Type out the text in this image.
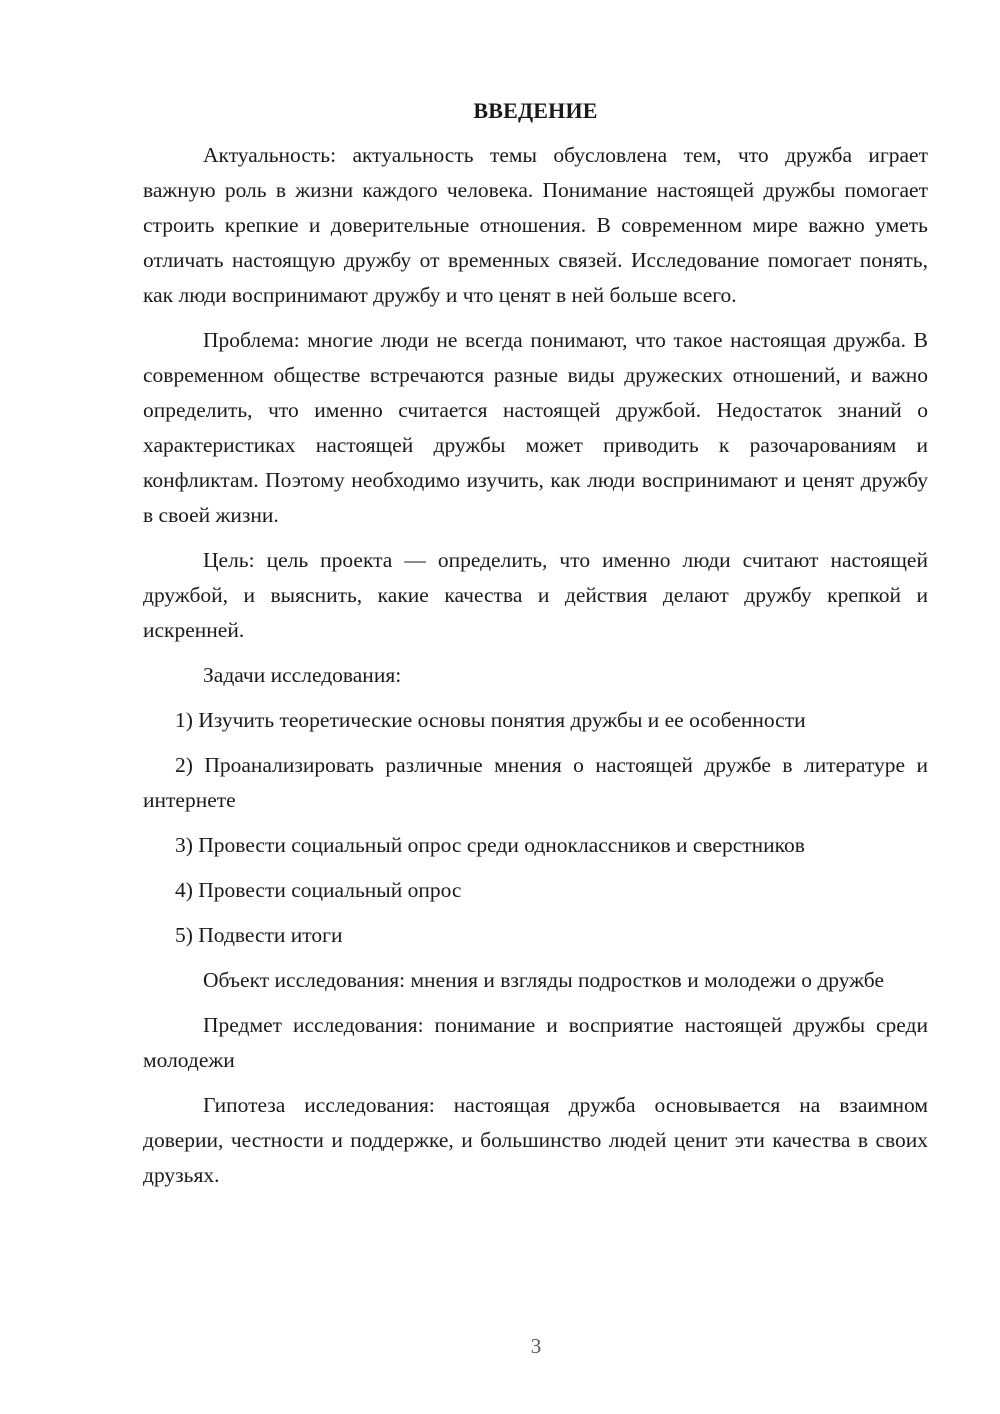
ВВЕДЕНИЕ

Актуальность: актуальность темы обусловлена тем, что дружба играет важную роль в жизни каждого человека. Понимание настоящей дружбы помогает строить крепкие и доверительные отношения. В современном мире важно уметь отличать настоящую дружбу от временных связей. Исследование помогает понять, как люди воспринимают дружбу и что ценят в ней больше всего.

Проблема: многие люди не всегда понимают, что такое настоящая дружба. В современном обществе встречаются разные виды дружеских отношений, и важно определить, что именно считается настоящей дружбой. Недостаток знаний о характеристиках настоящей дружбы может приводить к разочарованиям и конфликтам. Поэтому необходимо изучить, как люди воспринимают и ценят дружбу в своей жизни.

Цель: цель проекта — определить, что именно люди считают настоящей дружбой, и выяснить, какие качества и действия делают дружбу крепкой и искренней.

Задачи исследования:

1) Изучить теоретические основы понятия дружбы и ее особенности

2) Проанализировать различные мнения о настоящей дружбе в литературе и интернете

3) Провести социальный опрос среди одноклассников и сверстников

4) Провести социальный опрос

5) Подвести итоги

Объект исследования: мнения и взгляды подростков и молодежи о дружбе

Предмет исследования: понимание и восприятие настоящей дружбы среди молодежи

Гипотеза исследования: настоящая дружба основывается на взаимном доверии, честности и поддержке, и большинство людей ценит эти качества в своих друзьях.

3
